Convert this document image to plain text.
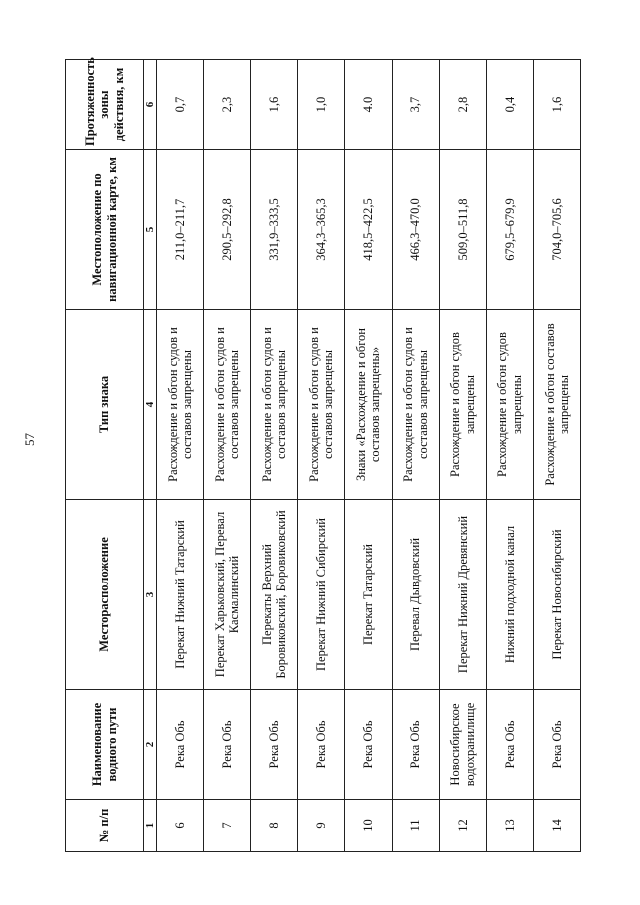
57
№ п/п	Наименование водного пути	Месторасположение	Тип знака	Местоположение по навигационной карте, км	Протяженность зоны действия, км
1	2	3	4	5	6
6	Река Обь	Перекат Нижний Татарский	Расхождение и обгон судов и составов запрещены	211,0–211,7	0,7
7	Река Обь	Перекат Харьковский, Перевал Касмалинский	Расхождение и обгон судов и составов запрещены	290,5–292,8	2,3
8	Река Обь	Перекаты Верхний Боровиковский, Боровиковский	Расхождение и обгон судов и составов запрещены	331,9–333,5	1,6
9	Река Обь	Перекат Нижний Сибирский	Расхождение и обгон судов и составов запрещены	364,3–365,3	1,0
10	Река Обь	Перекат Татарский	Знаки «Расхождение и обгон составов запрещены»	418,5–422,5	4.0
11	Река Обь	Перевал Дывдовский	Расхождение и обгон судов и составов запрещены	466,3–470,0	3,7
12	Новосибирское водохранилище	Перекат Нижний Древянский	Расхождение и обгон судов запрещены	509,0–511,8	2,8
13	Река Обь	Нижний подходной канал	Расхождение и обгон судов запрещены	679,5–679,9	0,4
14	Река Обь	Перекат Новосибирский	Расхождение и обгон составов запрещены	704,0–705,6	1,6
